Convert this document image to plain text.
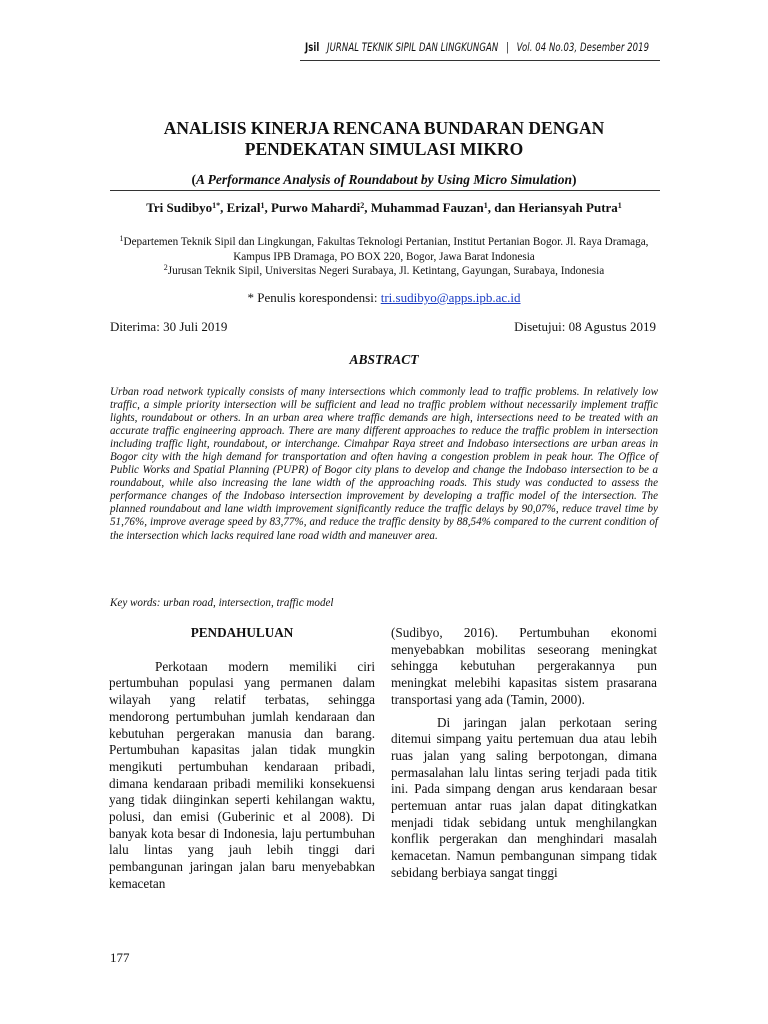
Jsil JURNAL TEKNIK SIPIL DAN LINGKUNGAN | Vol. 04 No.03, Desember 2019
ANALISIS KINERJA RENCANA BUNDARAN DENGAN
PENDEKATAN SIMULASI MIKRO
(A Performance Analysis of Roundabout by Using Micro Simulation)
Tri Sudibyo$^{1*}$, Erizal$^1$, Purwo Mahardi$^2$, Muhammad Fauzan$^1$, dan Heriansyah Putra$^1$
$^1$Departemen Teknik Sipil dan Lingkungan, Fakultas Teknologi Pertanian, Institut Pertanian Bogor. Jl. Raya Dramaga, Kampus IPB Dramaga, PO BOX 220, Bogor, Jawa Barat Indonesia
$^2$Jurusan Teknik Sipil, Universitas Negeri Surabaya, Jl. Ketintang, Gayungan, Surabaya, Indonesia
* Penulis korespondensi: tri.sudibyo@apps.ipb.ac.id
Diterima: 30 Juli 2019	Disetujui: 08 Agustus 2019
ABSTRACT

Urban road network typically consists of many intersections which commonly lead to traffic problems. In relatively low traffic, a simple priority intersection will be sufficient and lead no traffic problem without necessarily implement traffic lights, roundabout or others. In an urban area where traffic demands are high, intersections need to be treated with an accurate traffic engineering approach. There are many different approaches to reduce the traffic problem in intersection including traffic light, roundabout, or interchange. Cimahpar Raya street and Indobaso intersections are urban areas in Bogor city with the high demand for transportation and often having a congestion problem in peak hour. The Office of Public Works and Spatial Planning (PUPR) of Bogor city plans to develop and change the Indobaso intersection to be a roundabout, while also increasing the lane width of the approaching roads. This study was conducted to assess the performance changes of the Indobaso intersection improvement by developing a traffic model of the intersection. The planned roundabout and lane width improvement significantly reduce the traffic delays by 90,07%, reduce travel time by 51,76%, improve average speed by 83,77%, and reduce the traffic density by 88,54% compared to the current condition of the intersection which lacks required lane road width and maneuver area.

Key words: urban road, intersection, traffic model
PENDAHULUAN

Perkotaan modern memiliki ciri pertumbuhan populasi yang permanen dalam wilayah yang relatif terbatas, sehingga mendorong pertumbuhan jumlah kendaraan dan kebutuhan pergerakan manusia dan barang. Pertumbuhan kapasitas jalan tidak mungkin mengikuti pertumbuhan kendaraan pribadi, dimana kendaraan pribadi memiliki konsekuensi yang tidak diinginkan seperti kehilangan waktu, polusi, dan emisi (Guberinic et al 2008). Di banyak kota besar di Indonesia, laju pertumbuhan lalu lintas yang jauh lebih tinggi dari pembangunan jaringan jalan baru menyebabkan kemacetan

(Sudibyo, 2016). Pertumbuhan ekonomi menyebabkan mobilitas seseorang meningkat sehingga kebutuhan pergerakannya pun meningkat melebihi kapasitas sistem prasarana transportasi yang ada (Tamin, 2000).

Di jaringan jalan perkotaan sering ditemui simpang yaitu pertemuan dua atau lebih ruas jalan yang saling berpotongan, dimana permasalahan lalu lintas sering terjadi pada titik ini. Pada simpang dengan arus kendaraan besar pertemuan antar ruas jalan dapat ditingkatkan menjadi tidak sebidang untuk menghilangkan konflik pergerakan dan menghindari masalah kemacetan. Namun pembangunan simpang tidak sebidang berbiaya sangat tinggi

177
